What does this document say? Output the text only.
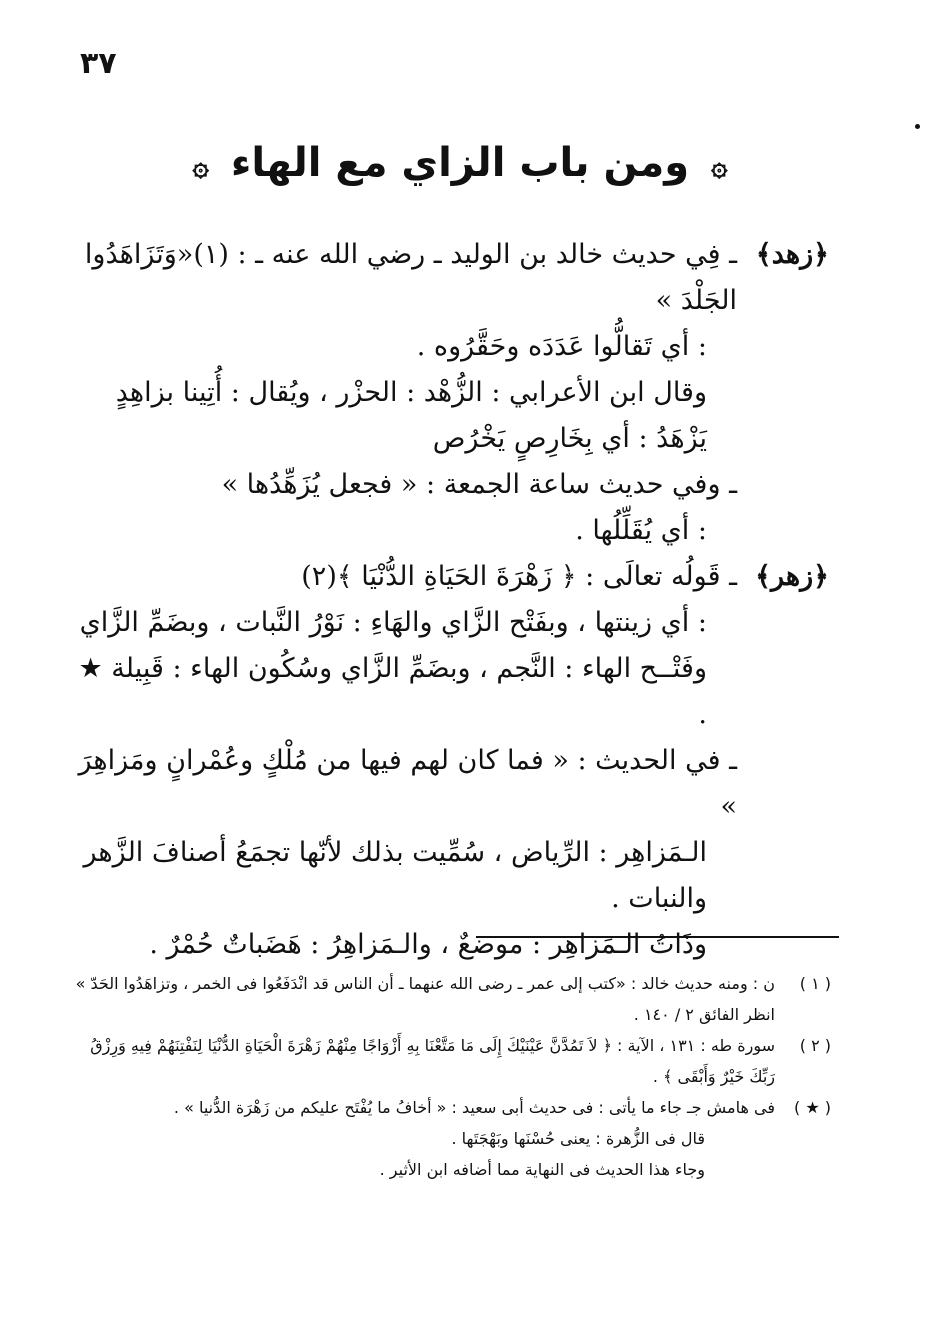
٣٧
۞ ومن باب الزاي مع الهاء ۞
﴿زهد﴾

ـ فِي حديث خالد بن الوليد ـ رضي الله عنه ـ : (١)«وَتَزَاهَدُوا الجَلْدَ »

: أي تَقالُّوا عَدَدَه وحَقَّرُوه .

وقال ابن الأعرابي : الزُّهْد : الحزْر ، ويُقال : أُتِينا بزاهِدٍ يَزْهَدُ : أي بِخَارِصٍ يَخْرُص

ـ وفي حديث ساعة الجمعة : « فجعل يُزَهِّدُها »

: أي يُقَلِّلُها .

﴿زهر﴾

ـ قَولُه تعالَى : ﴿ زَهْرَةَ الحَيَاةِ الدُّنْيَا ﴾(٢)

: أي زينتها ، وبفَتْح الزَّاي والهَاءِ : نَوْرُ النَّبات ، وبضَمِّ الزَّاي وفَتْــح الهاء : النَّجم ، وبضَمِّ الزَّاي وسُكُون الهاء : قَبِيلة ★ .

ـ في الحديث : « فما كان لهم فيها من مُلْكٍ وعُمْرانٍ ومَزاهِرَ »

الـمَزاهِر : الرِّياض ، سُمِّيت بذلك لأنّها تجمَعُ أصنافَ الزَّهر والنبات .

وذَاتُ الـمَزاهِر : موضعٌ ، والـمَزاهِرُ : هَضَباتٌ حُمْرٌ .

( ١ )

ن : ومنه حديث خالد : «كتب إلى عمر ـ رضى الله عنهما ـ أن الناس قد انْدَفَعُوا فى الخمر ، وتزاهَدُوا الحَدّ » انظر الفائق ٢ / ١٤٠ .

( ٢ )

سورة طه : ١٣١ ، الآية : ﴿ لاَ تَمُدَّنَّ عَيْنَيْكَ إِلَى مَا مَتَّعْنَا بِهِ أَزْوَاجًا مِنْهُمْ زَهْرَةَ الْحَيَاةِ الدُّنْيَا لِنَفْتِنَهُمْ فِيهِ وَرِزْقُ رَبِّكَ خَيْرٌ وَأَبْقَى ﴾ .

( ★ )

فى هامش جـ جاء ما يأتى : فى حديث أبى سعيد : « أخافُ ما يُفْتَح عليكم من زَهْرَة الدُّنيا » .

قال فى الزُّهرة : يعنى حُسْنَها وبَهْجَتَها .

وجاء هذا الحديث فى النهاية مما أضافه ابن الأثير .
